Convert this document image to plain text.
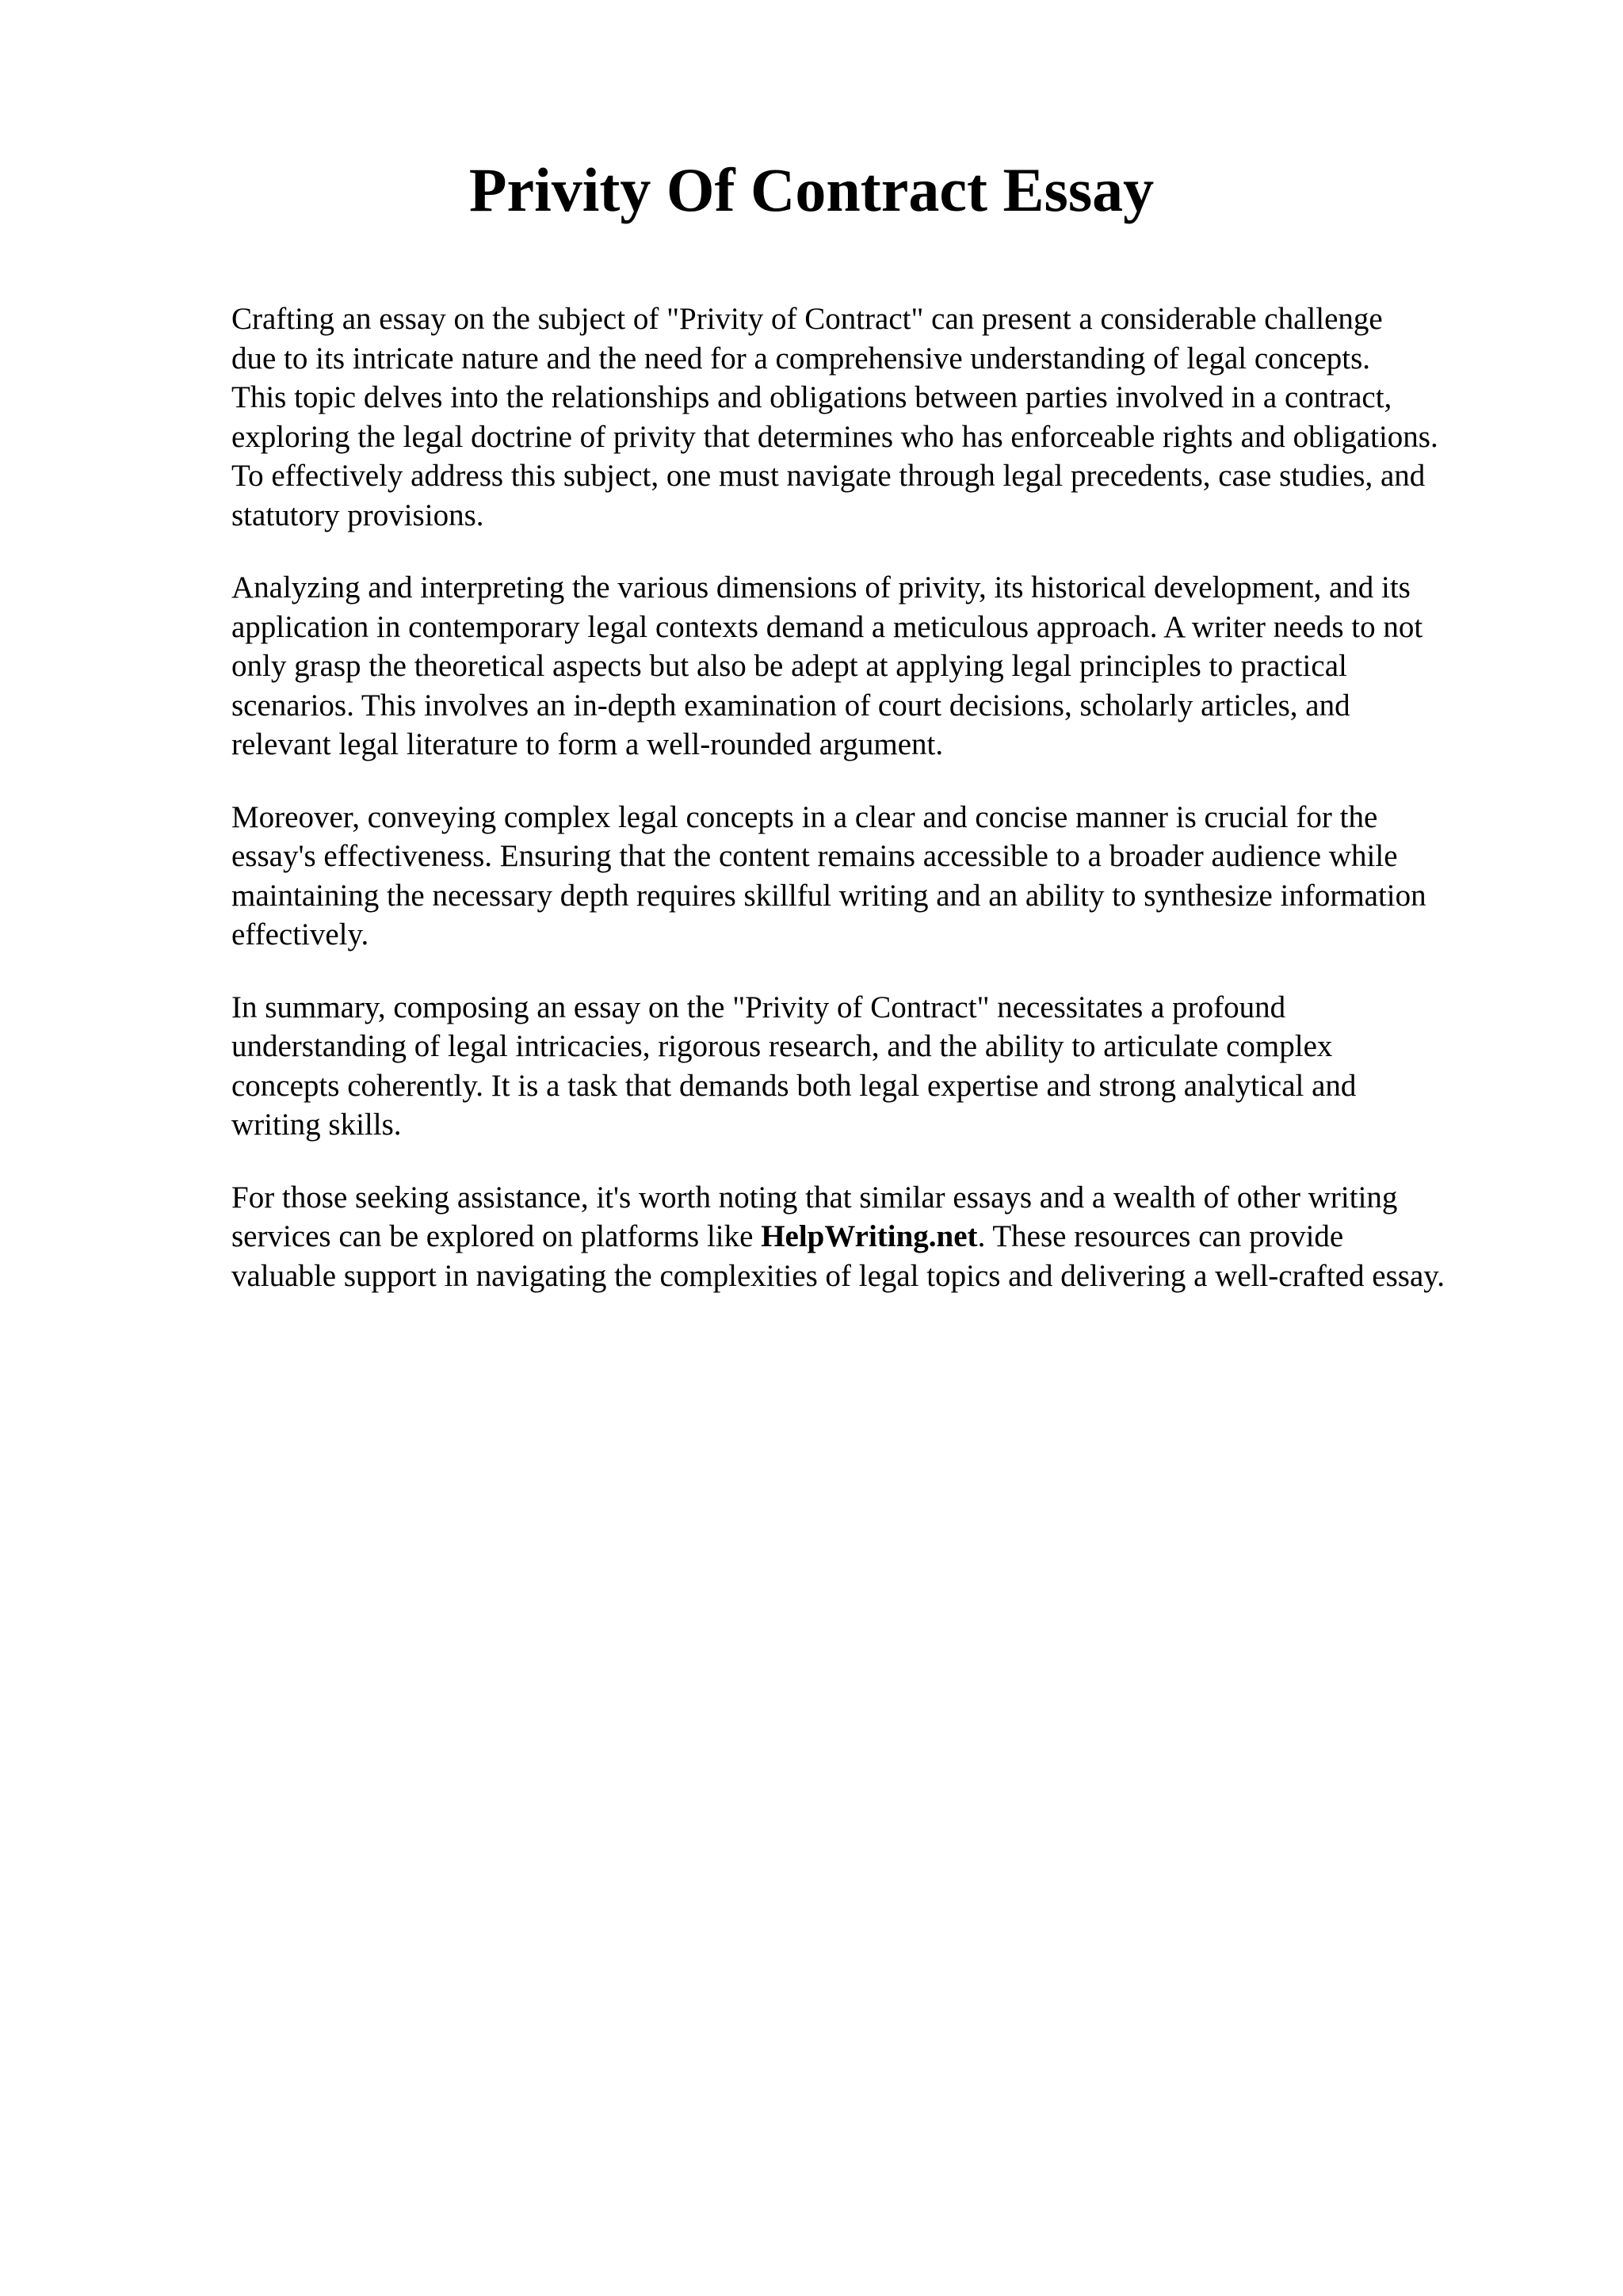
Privity Of Contract Essay

Crafting an essay on the subject of "Privity of Contract" can present a considerable challenge
due to its intricate nature and the need for a comprehensive understanding of legal concepts.
This topic delves into the relationships and obligations between parties involved in a contract,
exploring the legal doctrine of privity that determines who has enforceable rights and obligations.
To effectively address this subject, one must navigate through legal precedents, case studies, and
statutory provisions.

Analyzing and interpreting the various dimensions of privity, its historical development, and its
application in contemporary legal contexts demand a meticulous approach. A writer needs to not
only grasp the theoretical aspects but also be adept at applying legal principles to practical
scenarios. This involves an in-depth examination of court decisions, scholarly articles, and
relevant legal literature to form a well-rounded argument.

Moreover, conveying complex legal concepts in a clear and concise manner is crucial for the
essay's effectiveness. Ensuring that the content remains accessible to a broader audience while
maintaining the necessary depth requires skillful writing and an ability to synthesize information
effectively.

In summary, composing an essay on the "Privity of Contract" necessitates a profound
understanding of legal intricacies, rigorous research, and the ability to articulate complex
concepts coherently. It is a task that demands both legal expertise and strong analytical and
writing skills.

For those seeking assistance, it's worth noting that similar essays and a wealth of other writing
services can be explored on platforms like HelpWriting.net. These resources can provide
valuable support in navigating the complexities of legal topics and delivering a well-crafted essay.
